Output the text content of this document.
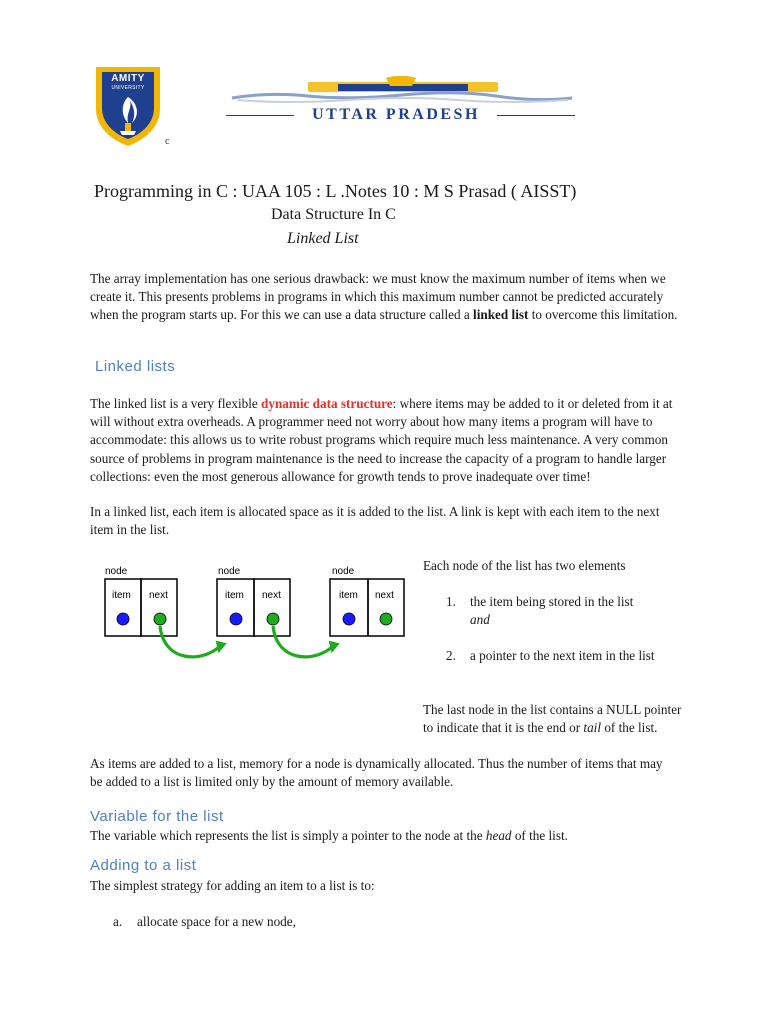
AMITY
UNIVERSITY
c
UTTAR PRADESH
Programming in C : UAA 105 : L .Notes 10 : M S Prasad ( AISST)
Data Structure In C
Linked List
The array implementation has one serious drawback: we must know the maximum number of items when we create it. This presents problems in programs in which this maximum number cannot be predicted accurately when the program starts up. For this we can use a data structure called a linked list to overcome this limitation.
Linked lists
The linked list is a very flexible dynamic data structure: where items may be added to it or deleted from it at will without extra overheads. A programmer need not worry about how many items a program will have to accommodate: this allows us to write robust programs which require much less maintenance. A very common source of problems in program maintenance is the need to increase the capacity of a program to handle larger collections: even the most generous allowance for growth tends to prove inadequate over time!
In a linked list, each item is allocated space as it is added to the list. A link is kept with each item to the next item in the list.
node
item next
node
item next
node
item next
Each node of the list has two elements
1. the item being stored in the list
and
2. a pointer to the next item in the list
The last node in the list contains a NULL pointer to indicate that it is the end or tail of the list.
As items are added to a list, memory for a node is dynamically allocated. Thus the number of items that may be added to a list is limited only by the amount of memory available.
Variable for the list
The variable which represents the list is simply a pointer to the node at the head of the list.
Adding to a list
The simplest strategy for adding an item to a list is to:
a. allocate space for a new node,
